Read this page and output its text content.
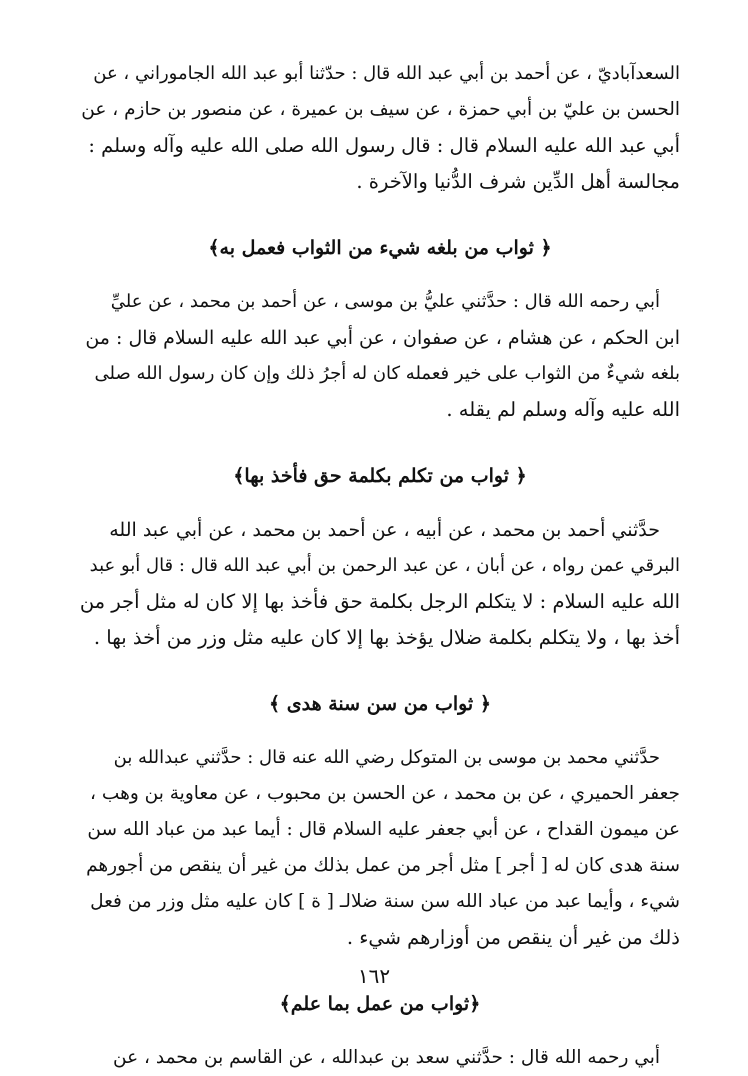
السعدآباديّ ، عن أحمد بن أبي عبد الله قال : حدّثنا أبو عبد الله الجاموراني ، عن
الحسن بن عليّ بن أبي حمزة ، عن سيف بن عميرة ، عن منصور بن حازم ، عن
أبي عبد الله عليه السلام قال : قال رسول الله صلى الله عليه وآله وسلم :
مجالسة أهل الدِّين شرف الدُّنيا والآخرة .

﴿ ثواب من بلغه شيء من الثواب فعمل به﴾

أبي رحمه الله قال : حدَّثني عليُّ بن موسى ، عن أحمد بن محمد ، عن عليِّ
ابن الحكم ، عن هشام ، عن صفوان ، عن أبي عبد الله عليه السلام قال : من
بلغه شيءٌ من الثواب على خير فعمله كان له أجرُ ذلك وإن كان رسول الله صلى
الله عليه وآله وسلم لم يقله .

﴿ ثواب من تكلم بكلمة حق فأخذ بها﴾

حدَّثني أحمد بن محمد ، عن أبيه ، عن أحمد بن محمد ، عن أبي عبد الله
البرقي عمن رواه ، عن أبان ، عن عبد الرحمن بن أبي عبد الله قال : قال أبو عبد
الله عليه السلام : لا يتكلم الرجل بكلمة حق فأخذ بها إلا كان له مثل أجر من
أخذ بها ، ولا يتكلم بكلمة ضلال يؤخذ بها إلا كان عليه مثل وزر من أخذ بها .

﴿ ثواب من سن سنة هدى ﴾

حدَّثني محمد بن موسى بن المتوكل رضي الله عنه قال : حدَّثني عبدالله بن
جعفر الحميري ، عن بن محمد ، عن الحسن بن محبوب ، عن معاوية بن وهب ،
عن ميمون القداح ، عن أبي جعفر عليه السلام قال : أيما عبد من عباد الله سن
سنة هدى كان له [ أجر ] مثل أجر من عمل بذلك من غير أن ينقص من أجورهم
شيء ، وأيما عبد من عباد الله سن سنة ضلالـ [ ة ] كان عليه مثل وزر من فعل
ذلك من غير أن ينقص من أوزارهم شيء .

﴿ثواب من عمل بما علم﴾

أبي رحمه الله قال : حدَّثني سعد بن عبدالله ، عن القاسم بن محمد ، عن

١٦٢
